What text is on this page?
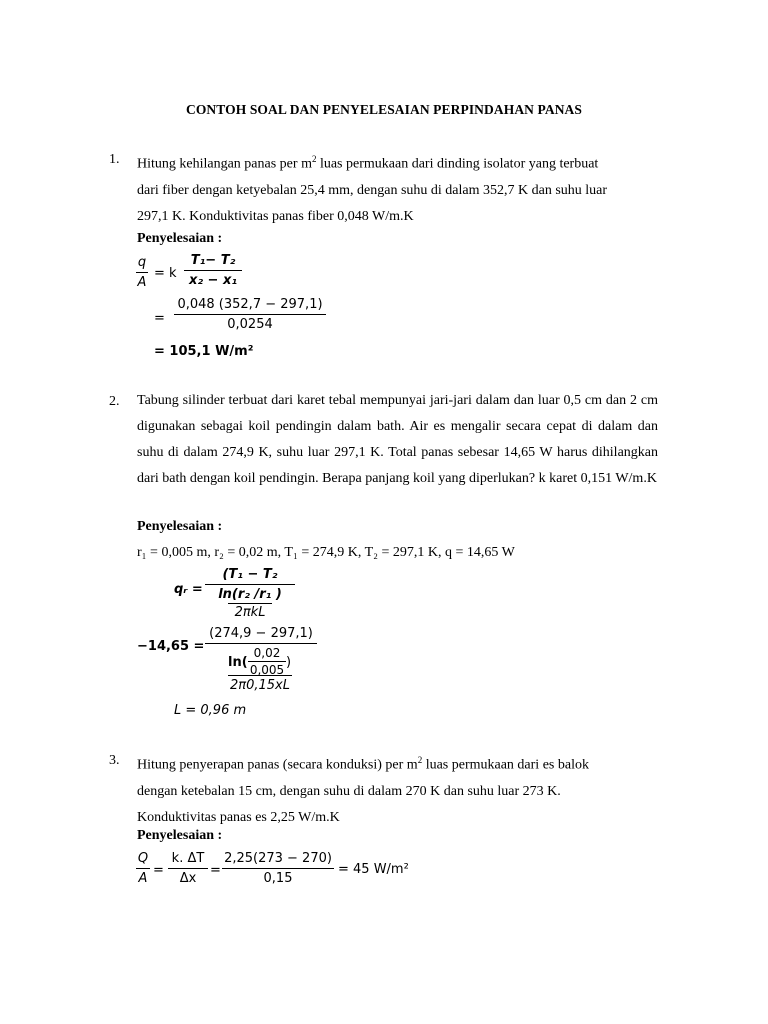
CONTOH SOAL DAN PENYELESAIAN PERPINDAHAN PANAS
1. Hitung kehilangan panas per $m^2$ luas permukaan dari dinding isolator yang terbuat

dari fiber dengan ketyebalan 25,4 mm, dengan suhu di dalam 352,7 K dan suhu luar

297,1 K. Konduktivitas panas fiber 0,048 W/m.K

Penyelesaian :
q
A
= k
T₁− T₂
x₂ − x₁
=
0,048 (352,7 − 297,1)
0,0254
= 105,1 W/m²
2. Tabung silinder terbuat dari karet tebal mempunyai jari-jari dalam dan luar 0,5 cm dan 2 cm digunakan sebagai koil pendingin dalam bath. Air es mengalir secara cepat di dalam dan suhu di dalam 274,9 K, suhu luar 297,1 K. Total panas sebesar 14,65 W harus dihilangkan dari bath dengan koil pendingin. Berapa panjang koil yang diperlukan? k karet 0,151 W/m.K
Penyelesaian :
r₁ = 0,005 m, r₂ = 0,02 m, T₁ = 274,9 K, T₂ = 297,1 K, q = 14,65 W
qᵣ =
(T₁ − T₂
ln(r₂ /r₁ )
2πkL
−14,65 =
(274,9 − 297,1)
ln(
0,02
0,005 )
2π0,15xL
L = 0,96 m
3. Hitung penyerapan panas (secara konduksi) per $m^2$ luas permukaan dari es balok

dengan ketebalan 15 cm, dengan suhu di dalam 270 K dan suhu luar 273 K.

Konduktivitas panas es 2,25 W/m.K

Penyelesaian :
Q
A
=
k. ΔT
Δx
=
2,25(273 − 270)
0,15
= 45 W/m²
